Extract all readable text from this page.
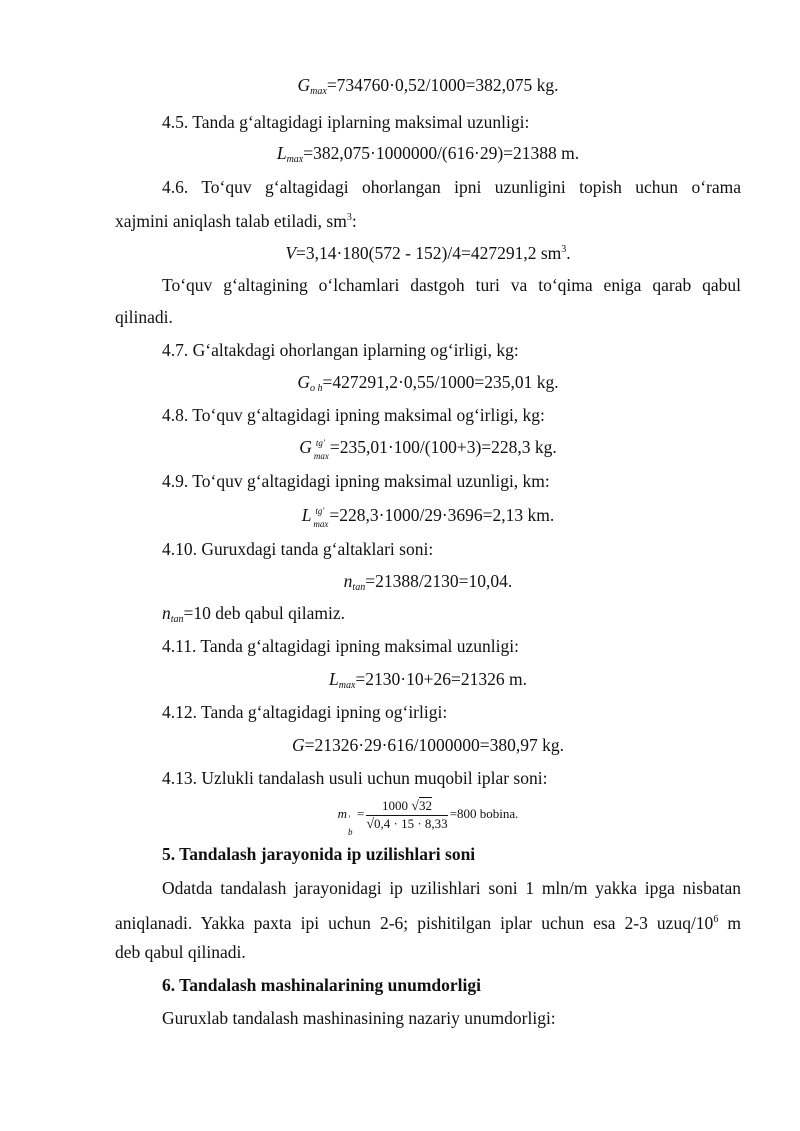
$G_{max}=734760\cdot 0,52/1000=382,075$ kg.
4.5. Tanda g‘altagidagi iplarning maksimal uzunligi:
$L_{max}=382,075\cdot 1000000/(616\cdot 29)=21388$ m.
4.6. To‘quv g‘altagidagi ohorlangan ipni uzunligini topish uchun o‘rama
xajmini aniqlash talab etiladi, $sm^3$:
V=3,14·180(572 - 152)/4=427291,2 $sm^3$.
To‘quv g‘altagining o‘lchamlari dastgoh turi va to‘qima eniga qarab qabul
qilinadi.
4.7. G‘altakdagi ohorlangan iplarning og‘irligi, kg:
$G_{o h}=427291,2\cdot 0,55/1000=235,01$ kg.
4.8. To‘quv g‘altagidagi ipning maksimal og‘irligi, kg:
G tg'
max =235,01·100/(100+3)=228,3 kg.
4.9. To‘quv g‘altagidagi ipning maksimal uzunligi, km:
L tg'
max =228,3·1000/29·3696=2,13 km.
4.10. Guruxdagi tanda g‘altaklari soni:
$n_{tan}=21388/2130=10,04$.
$n_{tan}=10$ deb qabul qilamiz.
4.11. Tanda g‘altagidagi ipning maksimal uzunligi:
$L_{max}=2130\cdot 10+26=21326$ m.
4.12. Tanda g‘altagidagi ipning og‘irligi:
G=21326·29·616/1000000=380,97 kg.
4.13. Uzlukli tandalash usuli uchun muqobil iplar soni:
m '
b
= $\frac{1000 √32}{√0,4 \cdot 15 \cdot 8,33} =800$ bobina.
5. Tandalash jarayonida ip uzilishlari soni
Odatda tandalash jarayonidagi ip uzilishlari soni 1 mln/m yakka ipga nisbatan
aniqlanadi. Yakka paxta ipi uchun 2-6; pishitilgan iplar uchun esa 2-3 uzuq/$10^6$ m
deb qabul qilinadi.
6. Tandalash mashinalarining unumdorligi
Guruxlab tandalash mashinasining nazariy unumdorligi:
